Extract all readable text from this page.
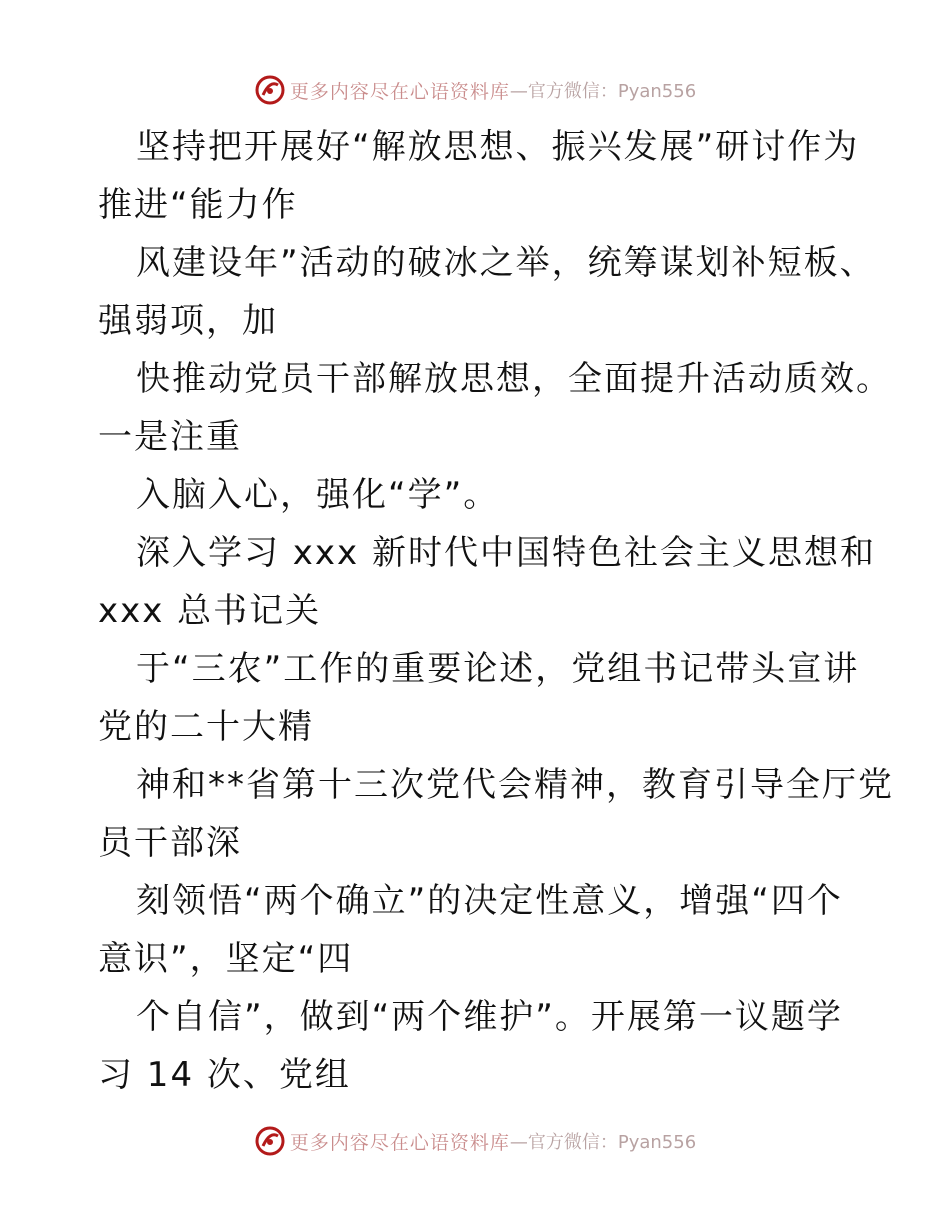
更多内容尽在心语资料库 —官方微信：Pyan556
坚持把开展好“解放思想、振兴发展”研讨作为
推进“能力作
风建设年”活动的破冰之举，统筹谋划补短板、
强弱项，加
快推动党员干部解放思想，全面提升活动质效。
一是注重
入脑入心，强化“学”。
深入学习 xxx 新时代中国特色社会主义思想和
xxx 总书记关
于“三农”工作的重要论述，党组书记带头宣讲
党的二十大精
神和**省第十三次党代会精神，教育引导全厅党
员干部深
刻领悟“两个确立”的决定性意义，增强“四个
意识”，坚定“四
个自信”，做到“两个维护”。开展第一议题学
习 14 次、党组
更多内容尽在心语资料库 —官方微信：Pyan556
